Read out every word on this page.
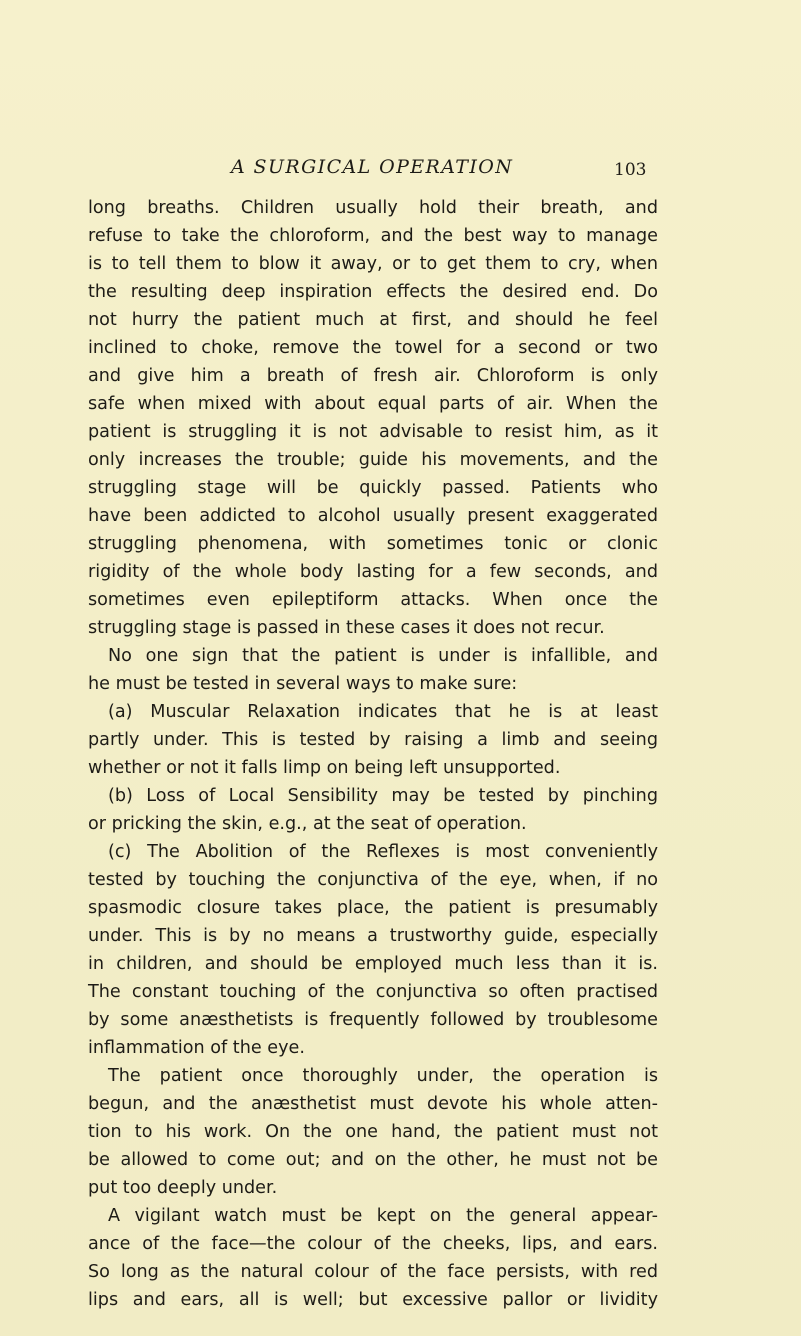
A SURGICAL OPERATION	103
long breaths. Children usually hold their breath, and
refuse to take the chloroform, and the best way to manage
is to tell them to blow it away, or to get them to cry, when
the resulting deep inspiration effects the desired end. Do
not hurry the patient much at first, and should he feel
inclined to choke, remove the towel for a second or two
and give him a breath of fresh air. Chloroform is only
safe when mixed with about equal parts of air. When the
patient is struggling it is not advisable to resist him, as it
only increases the trouble; guide his movements, and the
struggling stage will be quickly passed. Patients who
have been addicted to alcohol usually present exaggerated
struggling phenomena, with sometimes tonic or clonic
rigidity of the whole body lasting for a few seconds, and
sometimes even epileptiform attacks. When once the
struggling stage is passed in these cases it does not recur.
No one sign that the patient is under is infallible, and
he must be tested in several ways to make sure:
(a) Muscular Relaxation indicates that he is at least
partly under. This is tested by raising a limb and seeing
whether or not it falls limp on being left unsupported.
(b) Loss of Local Sensibility may be tested by pinching
or pricking the skin, e.g., at the seat of operation.
(c) The Abolition of the Reflexes is most conveniently
tested by touching the conjunctiva of the eye, when, if no
spasmodic closure takes place, the patient is presumably
under. This is by no means a trustworthy guide, especially
in children, and should be employed much less than it is.
The constant touching of the conjunctiva so often practised
by some anæsthetists is frequently followed by troublesome
inflammation of the eye.
The patient once thoroughly under, the operation is
begun, and the anæsthetist must devote his whole atten-
tion to his work. On the one hand, the patient must not
be allowed to come out; and on the other, he must not be
put too deeply under.
A vigilant watch must be kept on the general appear-
ance of the face—the colour of the cheeks, lips, and ears.
So long as the natural colour of the face persists, with red
lips and ears, all is well; but excessive pallor or lividity
